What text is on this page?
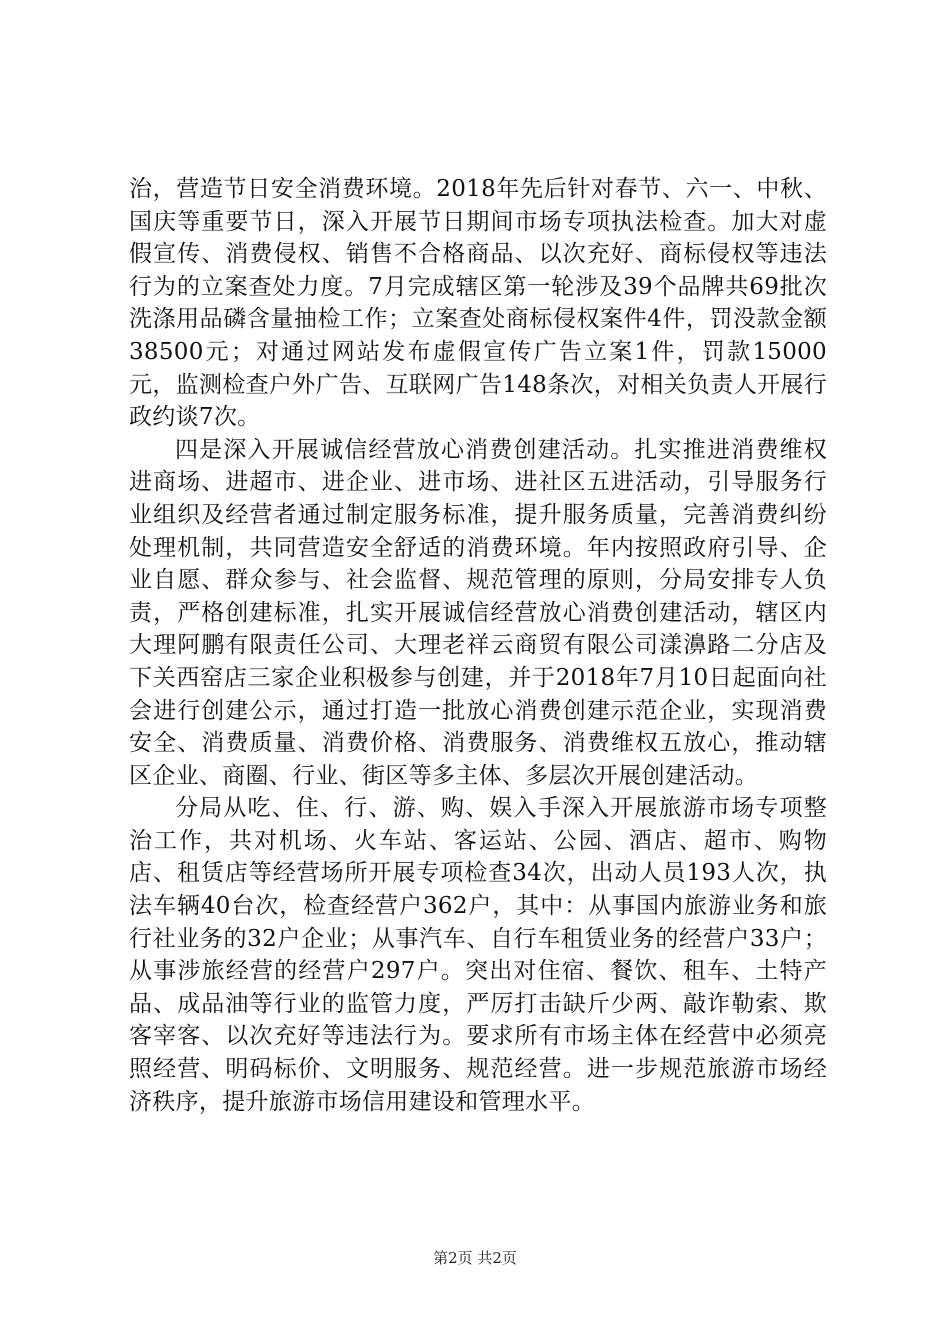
治，营造节日安全消费环境。2018年先后针对春节、六一、中秋、国庆等重要节日，深入开展节日期间市场专项执法检查。加大对虚假宣传、消费侵权、销售不合格商品、以次充好、商标侵权等违法行为的立案查处力度。7月完成辖区第一轮涉及39个品牌共69批次洗涤用品磷含量抽检工作；立案查处商标侵权案件4件，罚没款金额38500元；对通过网站发布虚假宣传广告立案1件，罚款15000元，监测检查户外广告、互联网广告148条次，对相关负责人开展行政约谈7次。

四是深入开展诚信经营放心消费创建活动。扎实推进消费维权进商场、进超市、进企业、进市场、进社区五进活动，引导服务行业组织及经营者通过制定服务标准，提升服务质量，完善消费纠纷处理机制，共同营造安全舒适的消费环境。年内按照政府引导、企业自愿、群众参与、社会监督、规范管理的原则，分局安排专人负责，严格创建标准，扎实开展诚信经营放心消费创建活动，辖区内大理阿鹏有限责任公司、大理老祥云商贸有限公司漾濞路二分店及下关西窑店三家企业积极参与创建，并于2018年7月10日起面向社会进行创建公示，通过打造一批放心消费创建示范企业，实现消费安全、消费质量、消费价格、消费服务、消费维权五放心，推动辖区企业、商圈、行业、街区等多主体、多层次开展创建活动。

分局从吃、住、行、游、购、娱入手深入开展旅游市场专项整治工作，共对机场、火车站、客运站、公园、酒店、超市、购物店、租赁店等经营场所开展专项检查34次，出动人员193人次，执法车辆40台次，检查经营户362户，其中：从事国内旅游业务和旅行社业务的32户企业；从事汽车、自行车租赁业务的经营户33户；从事涉旅经营的经营户297户。突出对住宿、餐饮、租车、土特产品、成品油等行业的监管力度，严厉打击缺斤少两、敲诈勒索、欺客宰客、以次充好等违法行为。要求所有市场主体在经营中必须亮照经营、明码标价、文明服务、规范经营。进一步规范旅游市场经济秩序，提升旅游市场信用建设和管理水平。

第2页 共2页
